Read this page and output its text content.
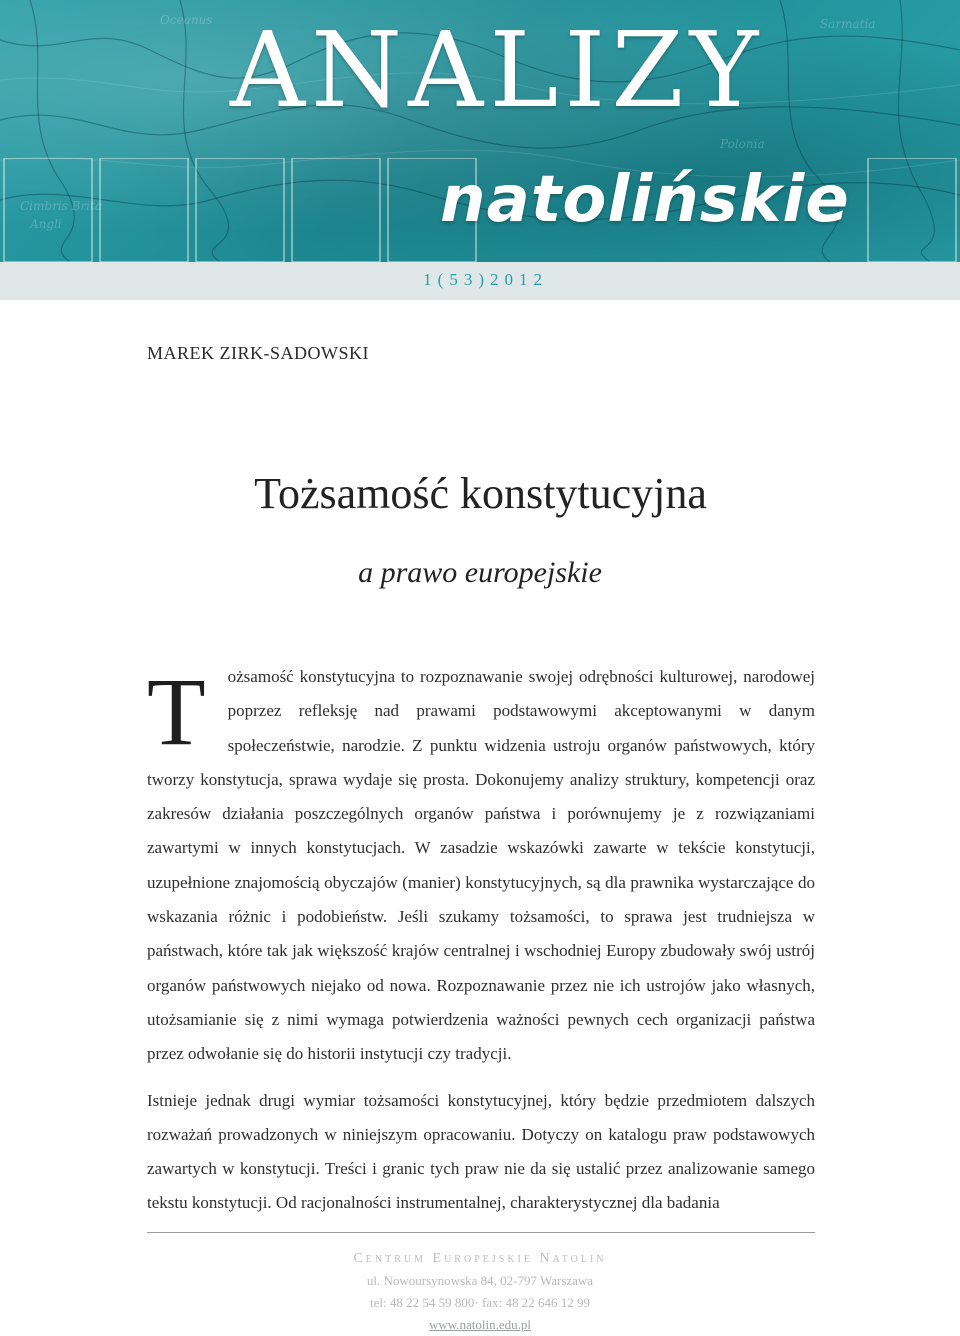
Cimbris Brita
Angli
Oceanus	Sarmatia
Polonia
ANALIZY
natolińskie
1(53)2012
MAREK ZIRK-SADOWSKI
Tożsamość konstytucyjna
a prawo europejskie

T	ożsamość konstytucyjna to rozpoznawanie swojej odrębności kulturowej, narodowej poprzez refleksję nad prawami podstawowymi akceptowanymi w danym społeczeństwie, narodzie. Z punktu widzenia ustroju organów państwowych, który tworzy konstytucja, sprawa wydaje się prosta. Dokonujemy analizy struktury, kompetencji oraz zakresów działania poszczególnych organów państwa i porównujemy je z rozwiązaniami zawartymi w innych konstytucjach. W zasadzie wskazówki zawarte w tekście konstytucji, uzupełnione znajomością obyczajów (manier) konstytucyjnych, są dla prawnika wystarczające do wskazania różnic i podobieństw. Jeśli szukamy tożsamości, to sprawa jest trudniejsza w państwach, które tak jak większość krajów centralnej i wschodniej Europy zbudowały swój ustrój organów państwowych niejako od nowa. Rozpoznawanie przez nie ich ustrojów jako własnych, utożsamianie się z nimi wymaga potwierdzenia ważności pewnych cech organizacji państwa przez odwołanie się do historii instytucji czy tradycji.

Istnieje jednak drugi wymiar tożsamości konstytucyjnej, który będzie przedmiotem dalszych rozważań prowadzonych w niniejszym opracowaniu. Dotyczy on katalogu praw podstawowych zawartych w konstytucji. Treści i granic tych praw nie da się ustalić przez analizowanie samego tekstu konstytucji. Od racjonalności instrumentalnej, charakterystycznej dla badania

Centrum Europejskie Natolin
ul. Nowoursynowska 84, 02-797 Warszawa
tel: 48 22 54 59 800· fax: 48 22 646 12 99
www.natolin.edu.pl
